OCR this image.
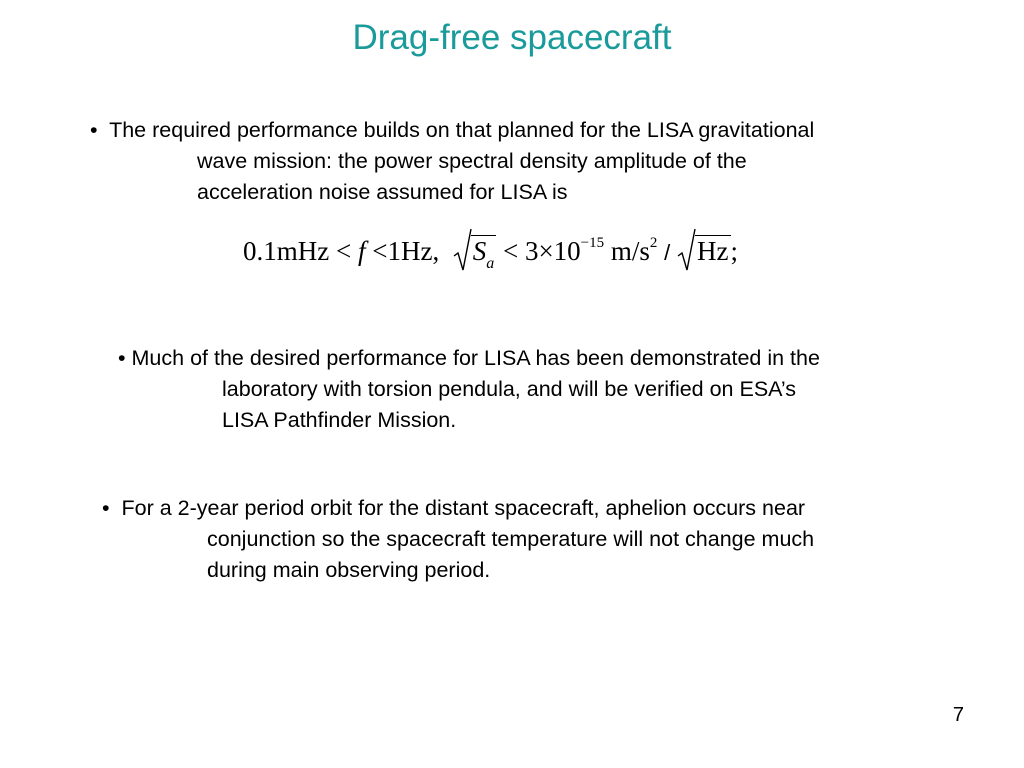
Drag-free spacecraft
• The required performance builds on that planned for the LISA gravitational
wave mission: the power spectral density amplitude of the
acceleration noise assumed for LISA is
0.1mHz < f <1Hz, $S_a < 3\times 10^{-15}$ $m/s^2$ / Hz;
• Much of the desired performance for LISA has been demonstrated in the
laboratory with torsion pendula, and will be verified on ESA’s
LISA Pathfinder Mission.
• For a 2-year period orbit for the distant spacecraft, aphelion occurs near
conjunction so the spacecraft temperature will not change much
during main observing period.
7
